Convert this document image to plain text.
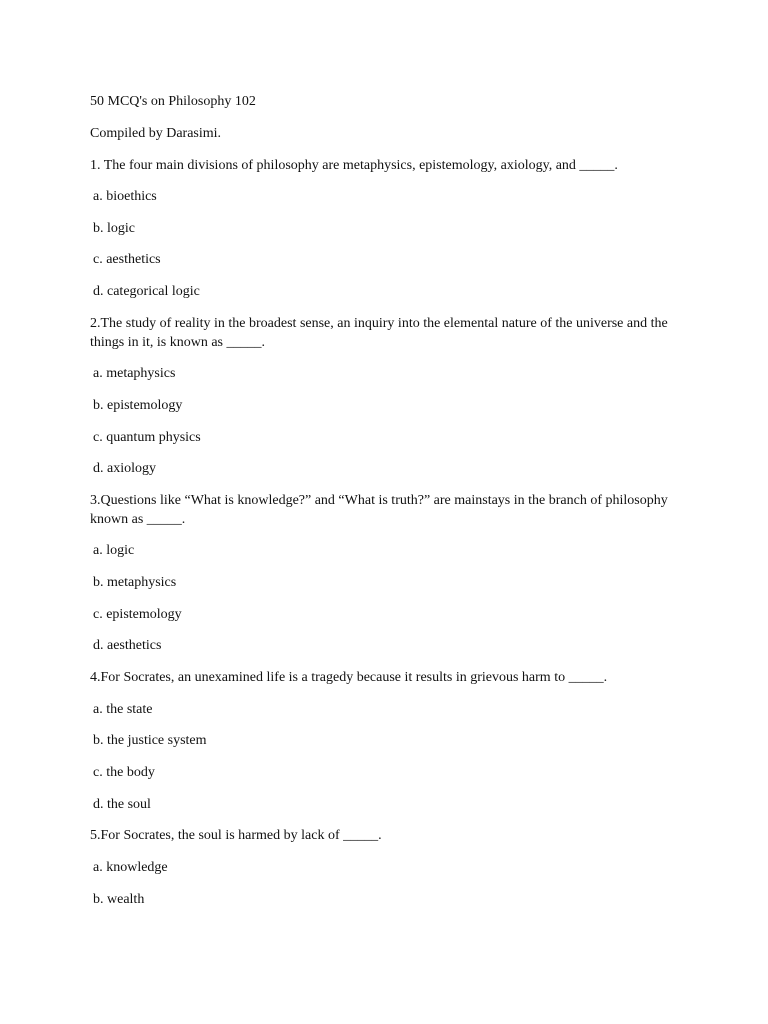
50 MCQ's on Philosophy 102
Compiled by Darasimi.
1. The four main divisions of philosophy are metaphysics, epistemology, axiology, and _____.
a. bioethics
b. logic
c. aesthetics
d. categorical logic
2.The study of reality in the broadest sense, an inquiry into the elemental nature of the universe and the things in it, is known as _____.
a. metaphysics
b. epistemology
c. quantum physics
d. axiology
3.Questions like “What is knowledge?” and “What is truth?” are mainstays in the branch of philosophy known as _____.
a. logic
b. metaphysics
c. epistemology
d. aesthetics
4.For Socrates, an unexamined life is a tragedy because it results in grievous harm to _____.
a. the state
b. the justice system
c. the body
d. the soul
5.For Socrates, the soul is harmed by lack of _____.
a. knowledge
b. wealth
